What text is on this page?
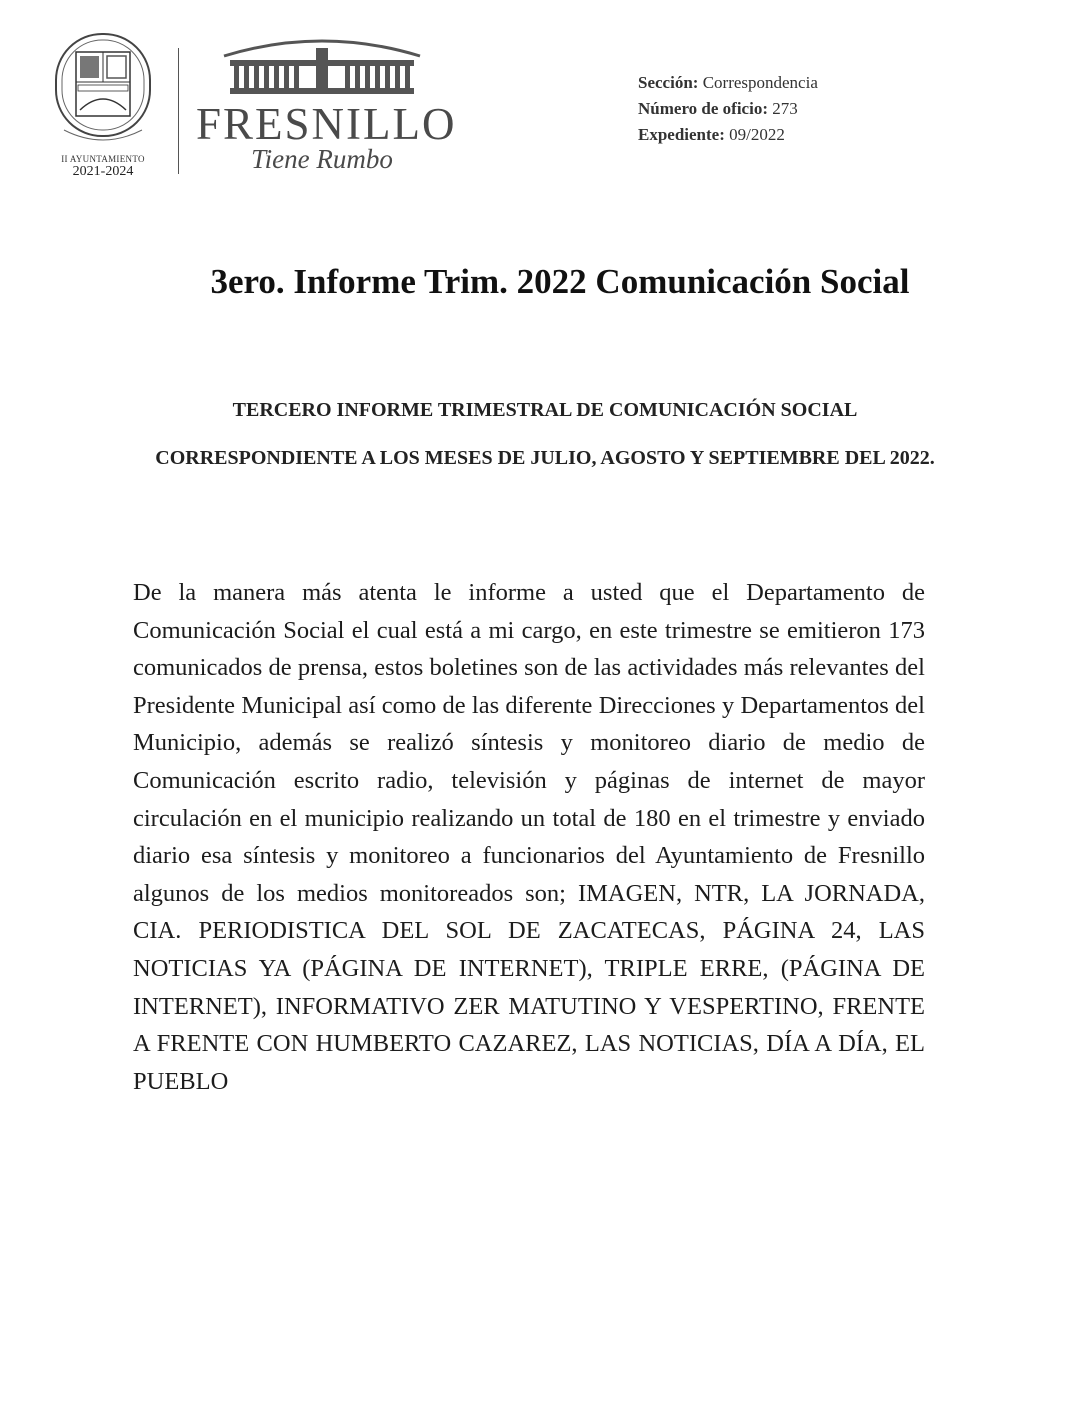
II AYUNTAMIENTO
2021-2024
FRESNILLO
Tiene Rumbo
Sección: Correspondencia
Número de oficio: 273
Expediente: 09/2022
3ero. Informe Trim. 2022 Comunicación Social
TERCERO INFORME TRIMESTRAL DE COMUNICACIÓN SOCIAL
CORRESPONDIENTE A LOS MESES DE JULIO, AGOSTO Y SEPTIEMBRE DEL 2022.

De la manera más atenta le informe a usted que el Departamento de Comunicación Social el cual está a mi cargo, en este trimestre se emitieron 173 comunicados de prensa, estos boletines son de las actividades más relevantes del Presidente Municipal así como de las diferente Direcciones y Departamentos del Municipio, además se realizó síntesis y monitoreo diario de medio de Comunicación escrito radio, televisión y páginas de internet de mayor circulación en el municipio realizando un total de 180 en el trimestre y enviado diario esa síntesis y monitoreo a funcionarios del Ayuntamiento de Fresnillo algunos de los medios monitoreados son; IMAGEN, NTR, LA JORNADA, CIA. PERIODISTICA DEL SOL DE ZACATECAS, PÁGINA 24, LAS NOTICIAS YA (PÁGINA DE INTERNET), TRIPLE ERRE, (PÁGINA DE INTERNET), INFORMATIVO ZER MATUTINO Y VESPERTINO, FRENTE A FRENTE CON HUMBERTO CAZAREZ, LAS NOTICIAS, DÍA A DÍA, EL PUEBLO
